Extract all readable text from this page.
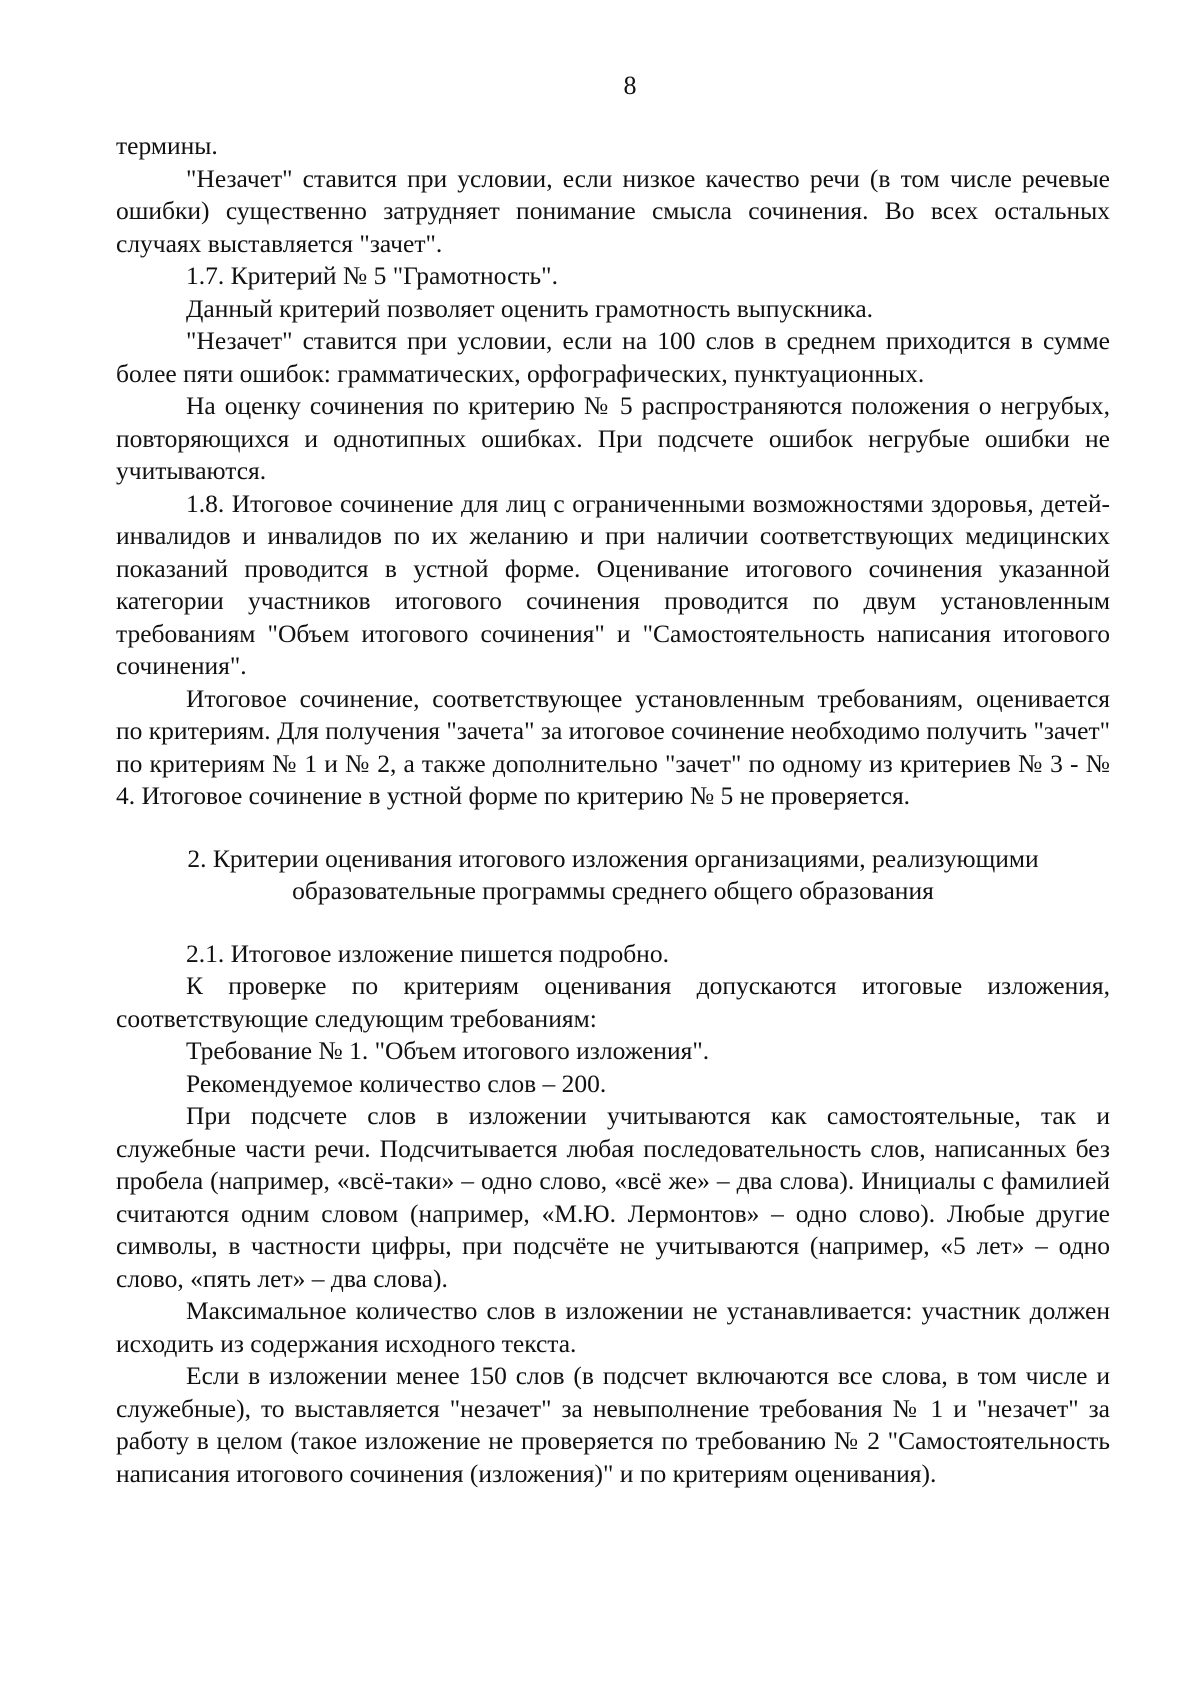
8

термины.

"Незачет" ставится при условии, если низкое качество речи (в том числе речевые ошибки) существенно затрудняет понимание смысла сочинения. Во всех остальных случаях выставляется "зачет".

1.7. Критерий № 5 "Грамотность".

Данный критерий позволяет оценить грамотность выпускника.

"Незачет" ставится при условии, если на 100 слов в среднем приходится в сумме более пяти ошибок: грамматических, орфографических, пунктуационных.

На оценку сочинения по критерию № 5 распространяются положения о негрубых, повторяющихся и однотипных ошибках. При подсчете ошибок негрубые ошибки не учитываются.

1.8. Итоговое сочинение для лиц с ограниченными возможностями здоровья, детей-инвалидов и инвалидов по их желанию и при наличии соответствующих медицинских показаний проводится в устной форме. Оценивание итогового сочинения указанной категории участников итогового сочинения проводится по двум установленным требованиям "Объем итогового сочинения" и "Самостоятельность написания итогового сочинения".

Итоговое сочинение, соответствующее установленным требованиям, оценивается по критериям. Для получения "зачета" за итоговое сочинение необходимо получить "зачет" по критериям № 1 и № 2, а также дополнительно "зачет" по одному из критериев № 3 - № 4. Итоговое сочинение в устной форме по критерию № 5 не проверяется.

2. Критерии оценивания итогового изложения организациями, реализующими
образовательные программы среднего общего образования

2.1. Итоговое изложение пишется подробно.

К проверке по критериям оценивания допускаются итоговые изложения, соответствующие следующим требованиям:

Требование № 1. "Объем итогового изложения".

Рекомендуемое количество слов – 200.

При подсчете слов в изложении учитываются как самостоятельные, так и служебные части речи. Подсчитывается любая последовательность слов, написанных без пробела (например, «всё-таки» – одно слово, «всё же» – два слова). Инициалы с фамилией считаются одним словом (например, «М.Ю. Лермонтов» – одно слово). Любые другие символы, в частности цифры, при подсчёте не учитываются (например, «5 лет» – одно слово, «пять лет» – два слова).

Максимальное количество слов в изложении не устанавливается: участник должен исходить из содержания исходного текста.

Если в изложении менее 150 слов (в подсчет включаются все слова, в том числе и служебные), то выставляется "незачет" за невыполнение требования № 1 и "незачет" за работу в целом (такое изложение не проверяется по требованию № 2 "Самостоятельность написания итогового сочинения (изложения)" и по критериям оценивания).
